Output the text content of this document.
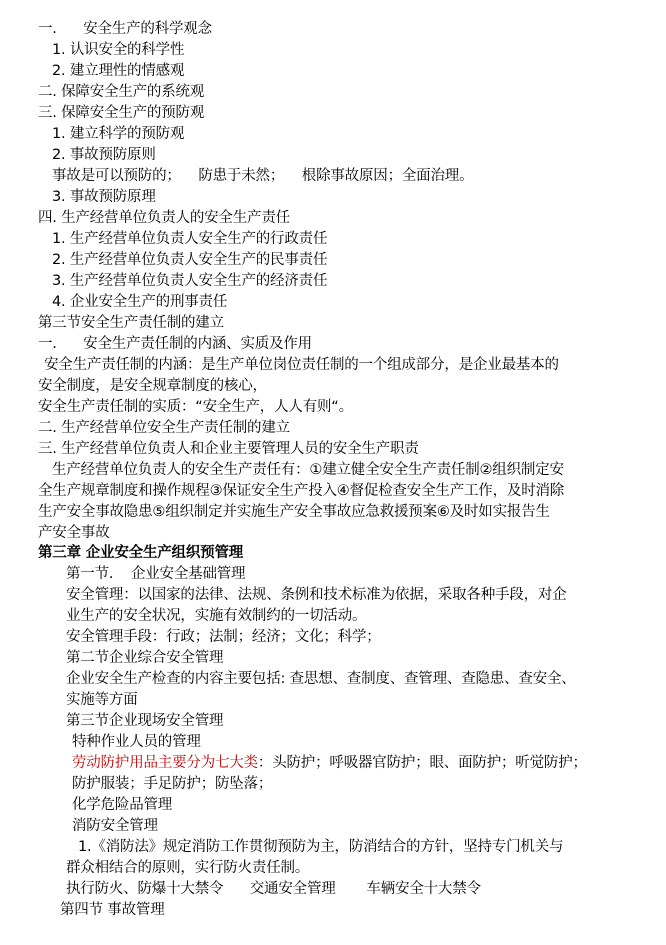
一.      安全生产的科学观念
1. 认识安全的科学性
2. 建立理性的情感观
二. 保障安全生产的系统观
三. 保障安全生产的预防观
1. 建立科学的预防观
2. 事故预防原则
事故是可以预防的；    防患于未然；    根除事故原因；全面治理。
3. 事故预防原理
四. 生产经营单位负责人的安全生产责任
1. 生产经营单位负责人安全生产的行政责任
2. 生产经营单位负责人安全生产的民事责任
3. 生产经营单位负责人安全生产的经济责任
4. 企业安全生产的刑事责任
第三节安全生产责任制的建立
一.      安全生产责任制的内涵、实质及作用
安全生产责任制的内涵：是生产单位岗位责任制的一个组成部分，是企业最基本的
安全制度，是安全规章制度的核心，
安全生产责任制的实质：“安全生产，人人有则“。
二. 生产经营单位安全生产责任制的建立
三. 生产经营单位负责人和企业主要管理人员的安全生产职责
生产经营单位负责人的安全生产责任有：①建立健全安全生产责任制②组织制定安
全生产规章制度和操作规程③保证安全生产投入④督促检查安全生产工作，及时消除
生产安全事故隐患⑤组织制定并实施生产安全事故应急救援预案⑥及时如实报告生
产安全事故
第三章 企业安全生产组织预管理
第一节.    企业安全基础管理
安全管理：以国家的法律、法规、条例和技术标准为依据，采取各种手段，对企
业生产的安全状况，实施有效制约的一切活动。
安全管理手段：行政；法制；经济；文化；科学；
第二节企业综合安全管理
企业安全生产检查的内容主要包括: 查思想、查制度、查管理、查隐患、查安全、
实施等方面
第三节企业现场安全管理
特种作业人员的管理
劳动防护用品主要分为七大类：头防护；呼吸器官防护；眼、面防护；听觉防护；
防护服装；手足防护；防坠落；
化学危险品管理
消防安全管理
1.《消防法》规定消防工作贯彻预防为主，防消结合的方针，坚持专门机关与
群众相结合的原则，实行防火责任制。
执行防火、防爆十大禁令      交通安全管理       车辆安全十大禁令
第四节 事故管理
